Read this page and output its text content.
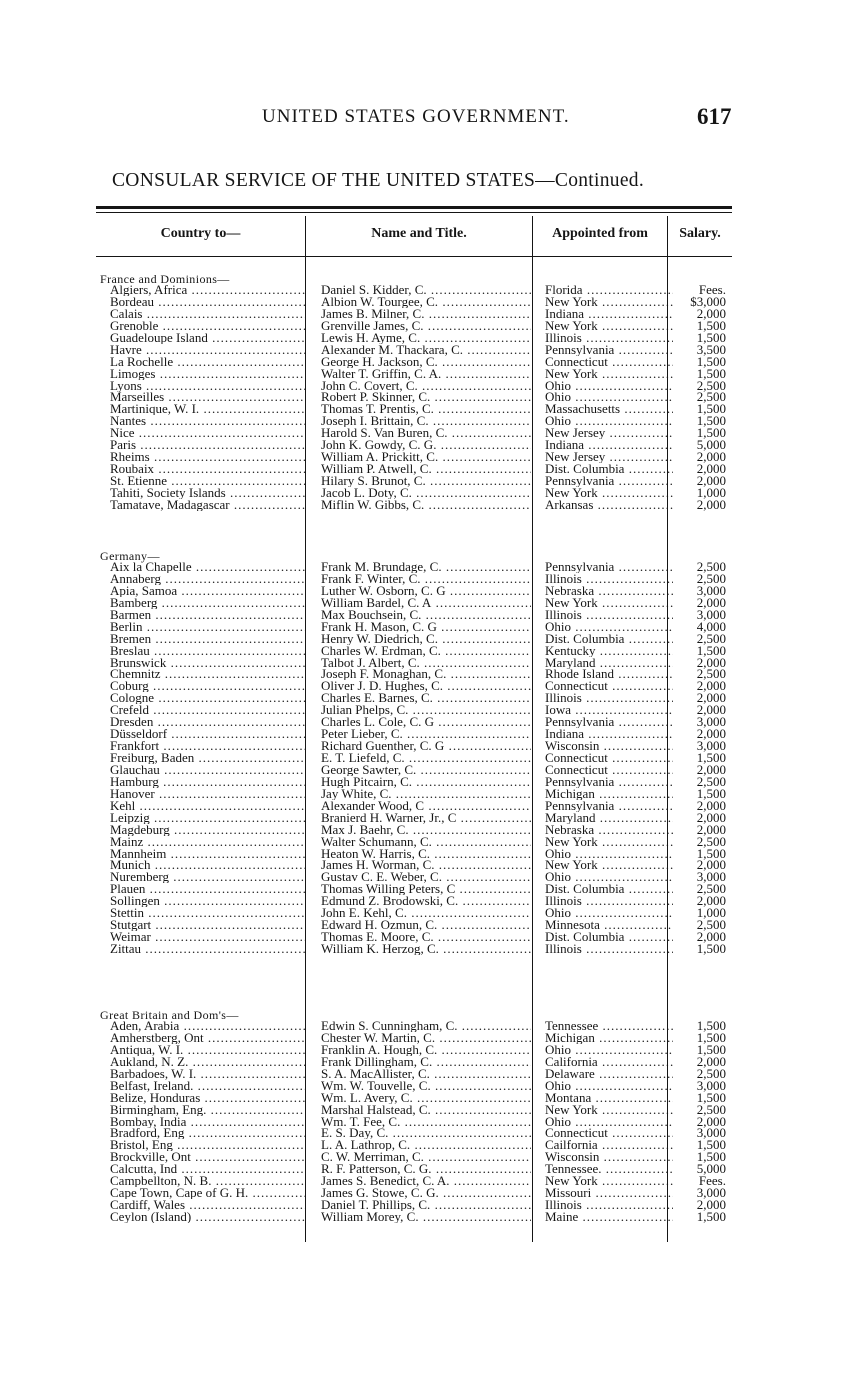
UNITED STATES GOVERNMENT.	617
CONSULAR SERVICE OF THE UNITED STATES—Continued.
Country to—	Name and Title.	Appointed from	Salary.
France and Dominions—
Algiers, Africa .....	Daniel S. Kidder, C. .....	Florida .....	Fees.
Bordeau .....	Albion W. Tourgee, C. .....	New York .....	$3,000
Calais .....	James B. Milner, C. .....	Indiana .....	2,000
Grenoble .....	Grenville James, C. .....	New York .....	1,500
Guadeloupe Island .....	Lewis H. Ayme, C. .....	Illinois .....	1,500
Havre .....	Alexander M. Thackara, C. .....	Pennsylvania .....	3,500
La Rochelle .....	George H. Jackson, C. .....	Connecticut .....	1,500
Limoges .....	Walter T. Griffin, C. A. .....	New York .....	1,500
Lyons .....	John C. Covert, C. .....	Ohio .....	2,500
Marseilles .....	Robert P. Skinner, C. .....	Ohio .....	2,500
Martinique, W. I. .....	Thomas T. Prentis, C. .....	Massachusetts .....	1,500
Nantes .....	Joseph I. Brittain, C. .....	Ohio .....	1,500
Nice .....	Harold S. Van Buren, C. .....	New Jersey .....	1,500
Paris .....	John K. Gowdy, C. G. .....	Indiana .....	5,000
Rheims .....	William A. Prickitt, C. .....	New Jersey .....	2,000
Roubaix .....	William P. Atwell, C. .....	Dist. Columbia .....	2,000
St. Etienne .....	Hilary S. Brunot, C. .....	Pennsylvania .....	2,000
Tahiti, Society Islands .....	Jacob L. Doty, C. .....	New York .....	1,000
Tamatave, Madagascar .....	Miflin W. Gibbs, C. .....	Arkansas .....	2,000
Germany—
Aix la Chapelle .....	Frank M. Brundage, C. .....	Pennsylvania .....	2,500
Annaberg .....	Frank F. Winter, C. .....	Illinois .....	2,500
Apia, Samoa .....	Luther W. Osborn, C. G .....	Nebraska .....	3,000
Bamberg .....	William Bardel, C. A .....	New York .....	2,000
Barmen .....	Max Bouchsein, C. .....	Illinois .....	3,000
Berlin .....	Frank H. Mason, C. G .....	Ohio .....	4,000
Bremen .....	Henry W. Diedrich, C. .....	Dist. Columbia .....	2,500
Breslau .....	Charles W. Erdman, C. .....	Kentucky .....	1,500
Brunswick .....	Talbot J. Albert, C. .....	Maryland .....	2,000
Chemnitz .....	Joseph F. Monaghan, C. .....	Rhode Island .....	2,500
Coburg .....	Oliver J. D. Hughes, C. .....	Connecticut .....	2,000
Cologne .....	Charles E. Barnes, C. .....	Illinois .....	2,000
Crefeld .....	Julian Phelps, C. .....	Iowa .....	2,000
Dresden .....	Charles L. Cole, C. G .....	Pennsylvania .....	3,000
Düsseldorf .....	Peter Lieber, C. .....	Indiana .....	2,000
Frankfort .....	Richard Guenther, C. G .....	Wisconsin .....	3,000
Freiburg, Baden .....	E. T. Liefeld, C. .....	Connecticut .....	1,500
Glauchau .....	George Sawter, C. .....	Connecticut .....	2,000
Hamburg .....	Hugh Pitcairn, C. .....	Pennsylvania .....	2,500
Hanover .....	Jay White, C. .....	Michigan .....	1,500
Kehl .....	Alexander Wood, C .....	Pennsylvania .....	2,000
Leipzig .....	Branierd H. Warner, Jr., C .....	Maryland .....	2,000
Magdeburg .....	Max J. Baehr, C. .....	Nebraska .....	2,000
Mainz .....	Walter Schumann, C. .....	New York .....	2,500
Mannheim .....	Heaton W. Harris, C. .....	Ohio .....	1,500
Munich .....	James H. Worman, C. .....	New York .....	2,000
Nuremberg .....	Gustav C. E. Weber, C. .....	Ohio .....	3,000
Plauen .....	Thomas Willing Peters, C .....	Dist. Columbia .....	2,500
Sollingen .....	Edmund Z. Brodowski, C. .....	Illinois .....	2,000
Stettin .....	John E. Kehl, C. .....	Ohio .....	1,000
Stutgart .....	Edward H. Ozmun, C. .....	Minnesota .....	2,500
Weimar .....	Thomas E. Moore, C. .....	Dist. Columbia .....	2,000
Zittau .....	William K. Herzog, C. .....	Illinois .....	1,500
Great Britain and Dom's—
Aden, Arabia .....	Edwin S. Cunningham, C. .....	Tennessee .....	1,500
Amherstberg, Ont .....	Chester W. Martin, C. .....	Michigan .....	1,500
Antiqua, W. I. .....	Franklin A. Hough, C. .....	Ohio .....	1,500
Aukland, N. Z. .....	Frank Dillingham, C. .....	California .....	2,000
Barbadoes, W. I. .....	S. A. MacAllister, C. .....	Delaware .....	2,500
Belfast, Ireland. .....	Wm. W. Touvelle, C. .....	Ohio .....	3,000
Belize, Honduras .....	Wm. L. Avery, C. .....	Montana .....	1,500
Birmingham, Eng. .....	Marshal Halstead, C. .....	New York .....	2,500
Bombay, India .....	Wm. T. Fee, C. .....	Ohio .....	2,000
Bradford, Eng .....	E. S. Day, C. .....	Connecticut .....	3,000
Bristol, Eng .....	L. A. Lathrop, C. .....	Cailfornia .....	1,500
Brockville, Ont .....	C. W. Merriman, C. .....	Wisconsin .....	1,500
Calcutta, Ind .....	R. F. Patterson, C. G. .....	Tennessee. .....	5,000
Campbellton, N. B. .....	James S. Benedict, C. A. .....	New York .....	Fees.
Cape Town, Cape of G. H. .....	James G. Stowe, C. G. .....	Missouri .....	3,000
Cardiff, Wales .....	Daniel T. Phillips, C. .....	Illinois .....	2,000
Ceylon (Island) .....	William Morey, C. .....	Maine .....	1,500
